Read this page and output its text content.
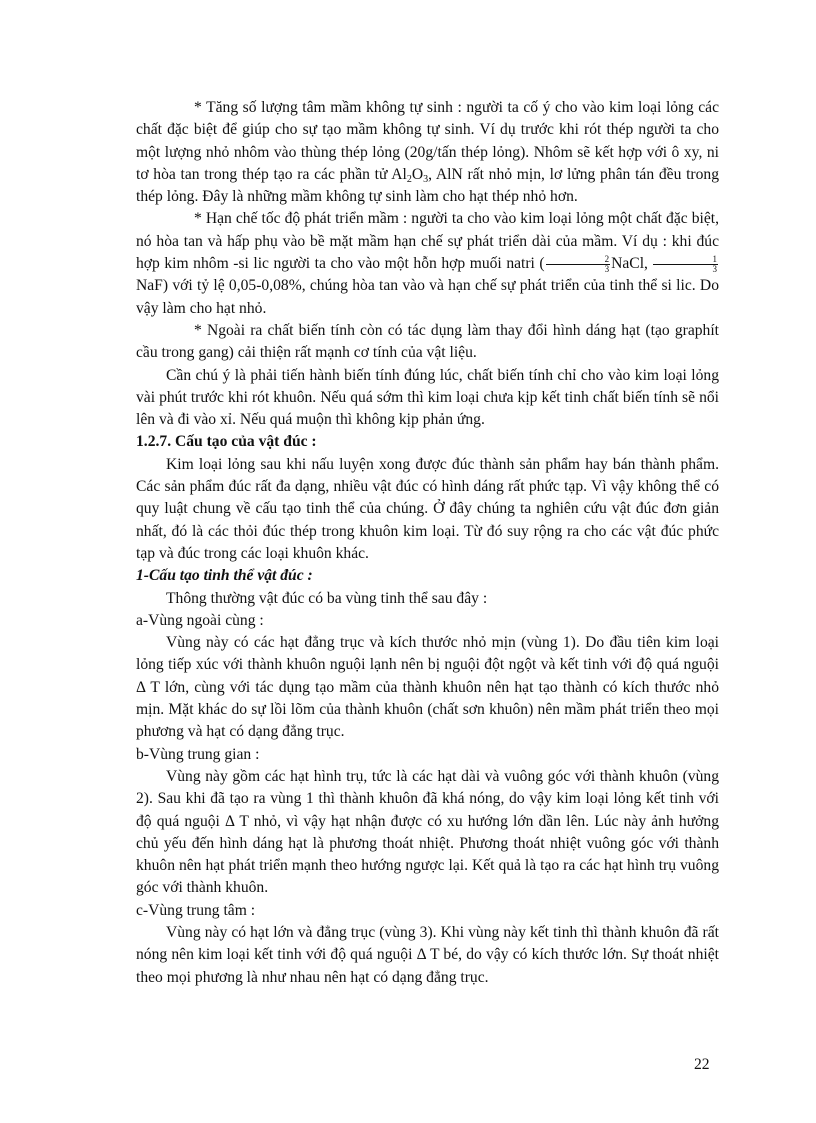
* Tăng số lượng tâm mầm không tự sinh : người ta cố ý cho vào kim loại lỏng các chất đặc biệt để giúp cho sự tạo mầm không tự sinh. Ví dụ trước khi rót thép người ta cho một lượng nhỏ nhôm vào thùng thép lỏng (20g/tấn thép lỏng). Nhôm sẽ kết hợp với ô xy, ni tơ hòa tan trong thép tạo ra các phần tử $Al_2O_3$, AlN rất nhỏ mịn, lơ lửng phân tán đều trong thép lỏng. Đây là những mầm không tự sinh làm cho hạt thép nhỏ hơn.

* Hạn chế tốc độ phát triển mầm : người ta cho vào kim loại lỏng một chất đặc biệt, nó hòa tan và hấp phụ vào bề mặt mầm hạn chế sự phát triển dài của mầm. Ví dụ : khi đúc hợp kim nhôm -si lic người ta cho vào một hỗn hợp muối natri ( $\frac{2}{3}$ NaCl, $\frac{1}{3}$
NaF) với tỷ lệ 0,05-0,08%, chúng hòa tan vào và hạn chế sự phát triển của tinh thể si lic. Do vậy làm cho hạt nhỏ.

* Ngoài ra chất biến tính còn có tác dụng làm thay đổi hình dáng hạt (tạo graphít cầu trong gang) cải thiện rất mạnh cơ tính của vật liệu.

Cần chú ý là phải tiến hành biến tính đúng lúc, chất biến tính chỉ cho vào kim loại lỏng vài phút trước khi rót khuôn. Nếu quá sớm thì kim loại chưa kịp kết tinh chất biến tính sẽ nổi lên và đi vào xỉ. Nếu quá muộn thì không kịp phản ứng.

1.2.7. Cấu tạo của vật đúc :

Kim loại lỏng sau khi nấu luyện xong được đúc thành sản phẩm hay bán thành phẩm. Các sản phẩm đúc rất đa dạng, nhiều vật đúc có hình dáng rất phức tạp. Vì vậy không thể có quy luật chung về cấu tạo tinh thể của chúng. Ở đây chúng ta nghiên cứu vật đúc đơn giản nhất, đó là các thỏi đúc thép trong khuôn kim loại. Từ đó suy rộng ra cho các vật đúc phức tạp và đúc trong các loại khuôn khác.

1-Cấu tạo tinh thể vật đúc :

Thông thường vật đúc có ba vùng tinh thể sau đây :

a-Vùng ngoài cùng :

Vùng này có các hạt đẳng trục và kích thước nhỏ mịn (vùng 1). Do đầu tiên kim loại lỏng tiếp xúc với thành khuôn nguội lạnh nên bị nguội đột ngột và kết tinh với độ quá nguội Δ T lớn, cùng với tác dụng tạo mầm của thành khuôn nên hạt tạo thành có kích thước nhỏ mịn. Mặt khác do sự lồi lõm của thành khuôn (chất sơn khuôn) nên mầm phát triển theo mọi phương và hạt có dạng đẳng trục.

b-Vùng trung gian :

Vùng này gồm các hạt hình trụ, tức là các hạt dài và vuông góc với thành khuôn (vùng 2). Sau khi đã tạo ra vùng 1 thì thành khuôn đã khá nóng, do vậy kim loại lỏng kết tinh với độ quá nguội Δ T nhỏ, vì vậy hạt nhận được có xu hướng lớn dần lên. Lúc này ảnh hưởng chủ yếu đến hình dáng hạt là phương thoát nhiệt. Phương thoát nhiệt vuông góc với thành khuôn nên hạt phát triển mạnh theo hướng ngược lại. Kết quả là tạo ra các hạt hình trụ vuông góc với thành khuôn.

c-Vùng trung tâm :

Vùng này có hạt lớn và đẳng trục (vùng 3). Khi vùng này kết tinh thì thành khuôn đã rất nóng nên kim loại kết tinh với độ quá nguội Δ T bé, do vậy có kích thước lớn. Sự thoát nhiệt theo mọi phương là như nhau nên hạt có dạng đẳng trục.

22
